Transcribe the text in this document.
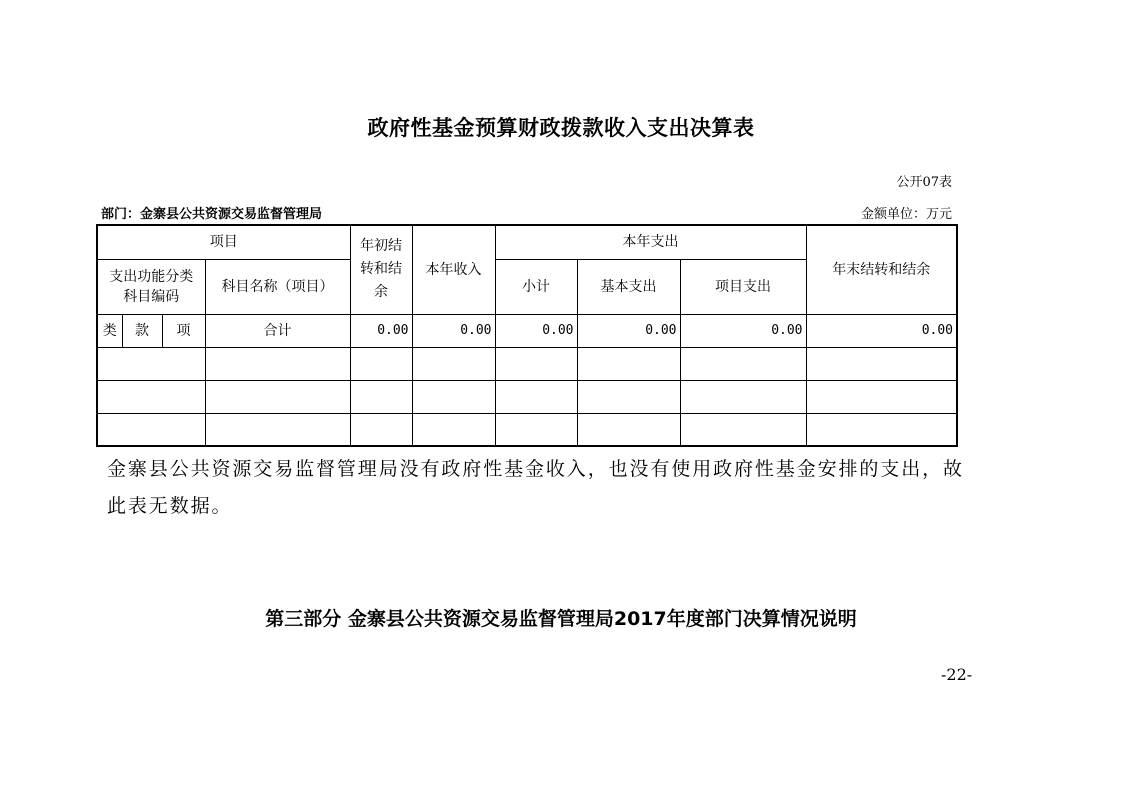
政府性基金预算财政拨款收入支出决算表
公开07表
部门：金寨县公共资源交易监督管理局	金额单位：万元
项目				年初结转和结余	本年收入	本年支出			年末结转和结余

支出功能分类科目编码			科目名称（项目）			小计	基本支出	项目支出	
类	款	项	合计	0.00	0.00	0.00	0.00	0.00	0.00

金寨县公共资源交易监督管理局没有政府性基金收入，也没有使用政府性基金安排的支出，故此表无数据。
第三部分 金寨县公共资源交易监督管理局2017年度部门决算情况说明
-22-
